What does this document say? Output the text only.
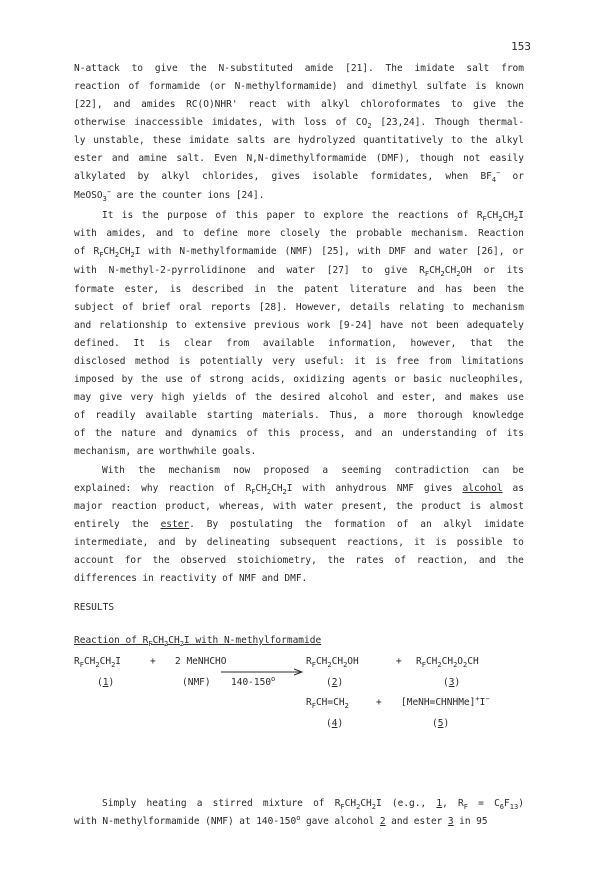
153
N-attack to give the N-substituted amide [21]. The imidate salt from
reaction of formamide (or N-methylformamide) and dimethyl sulfate is known
[22], and amides RC(O)NHR' react with alkyl chloroformates to give the
otherwise inaccessible imidates, with loss of $CO_2$ [23,24]. Though thermal-
ly unstable, these imidate salts are hydrolyzed quantitatively to the alkyl
ester and amine salt. Even N,N-dimethylformamide (DMF), though not easily
alkylated by alkyl chlorides, gives isolable formidates, when $BF_4^-$ or
MeOSO$_3$− are the counter ions [24].
It is the purpose of this paper to explore the reactions of $R_FCH_2CH_2I$
with amides, and to define more closely the probable mechanism. Reaction
of $R_FCH_2CH_2I$ with N-methylformamide (NMF) [25], with DMF and water [26], or
with N-methyl-2-pyrrolidinone and water [27] to give $R_FCH_2CH_2OH$ or its
formate ester, is described in the patent literature and has been the
subject of brief oral reports [28]. However, details relating to mechanism
and relationship to extensive previous work [9-24] have not been adequately
defined. It is clear from available information, however, that the
disclosed method is potentially very useful: it is free from limitations
imposed by the use of strong acids, oxidizing agents or basic nucleophiles,
may give very high yields of the desired alcohol and ester, and makes use
of readily available starting materials. Thus, a more thorough knowledge
of the nature and dynamics of this process, and an understanding of its
mechanism, are worthwhile goals.
With the mechanism now proposed a seeming contradiction can be
explained: why reaction of $R_FCH_2CH_2I$ with anhydrous NMF gives alcohol as
major reaction product, whereas, with water present, the product is almost
entirely the ester. By postulating the formation of an alkyl imidate
intermediate, and by delineating subsequent reactions, it is possible to
account for the observed stoichiometry, the rates of reaction, and the
differences in reactivity of NMF and DMF.
Simply heating a stirred mixture of $R_FCH_2CH_2I$ (e.g., 1, $R_F = C_6F_{13}$)
with N-methylformamide (NMF) at 140-150$^o$ gave alcohol 2 and ester 3 in 95
RESULTS
Reaction of $R_FCH_2CH_2I$ with N-methylformamide
$R_FCH_2CH_2I$	+ 2 MeNHCHO	$R_FCH_2CH_2OH$	+ $R_FCH_2CH_2O_2CH$
(1)	(NMF) 140-150$^o$	(2)	(3)
$R_FCH=CH_2$	+ [MeNH=CHNHMe]+I−
(4)	(5)
